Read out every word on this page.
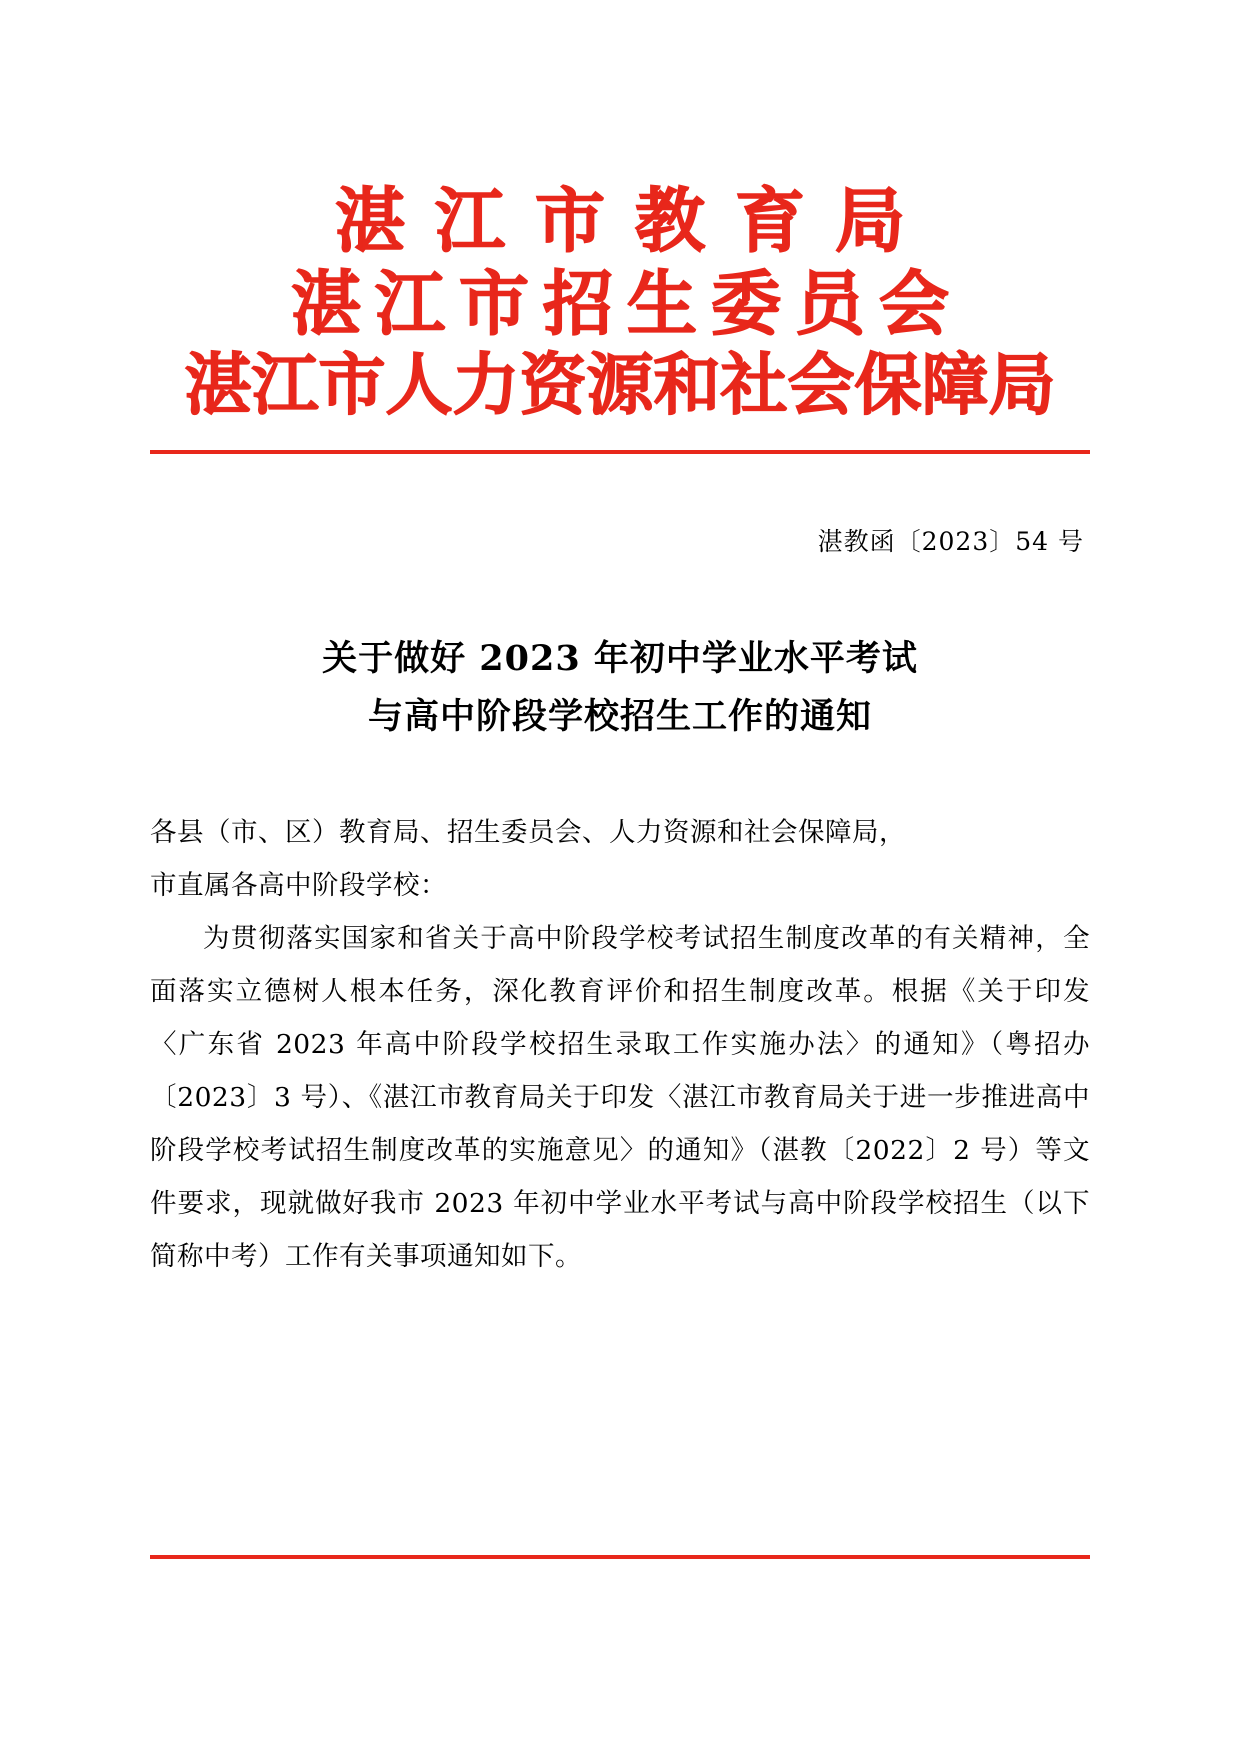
湛江市教育局
湛江市招生委员会
湛江市人力资源和社会保障局
湛教函〔2023〕54 号
关于做好 2023 年初中学业水平考试
与高中阶段学校招生工作的通知

各县（市、区）教育局、招生委员会、人力资源和社会保障局，

市直属各高中阶段学校：

为贯彻落实国家和省关于高中阶段学校考试招生制度改革的有关精神，全面落实立德树人根本任务，深化教育评价和招生制度改革。根据《关于印发〈广东省 2023 年高中阶段学校招生录取工作实施办法〉的通知》（粤招办〔2023〕3 号）、《湛江市教育局关于印发〈湛江市教育局关于进一步推进高中阶段学校考试招生制度改革的实施意见〉的通知》（湛教〔2022〕2 号）等文件要求，现就做好我市 2023 年初中学业水平考试与高中阶段学校招生（以下简称中考）工作有关事项通知如下。
